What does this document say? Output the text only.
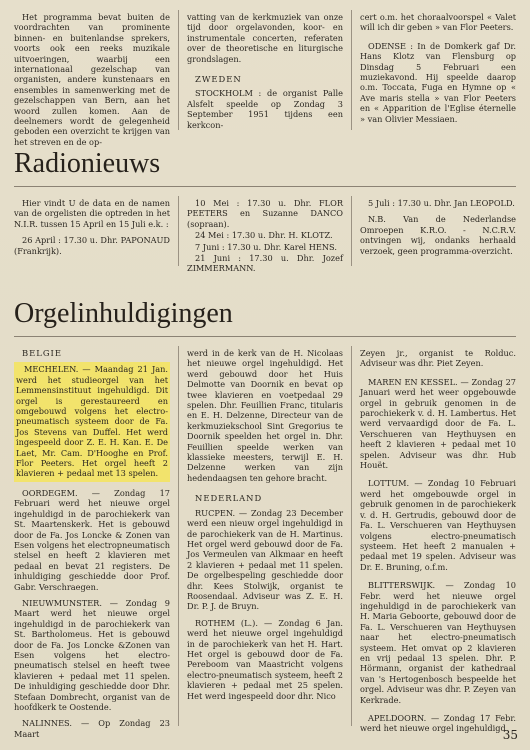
Het programma bevat buiten de voordrachten van prominente binnen- en buitenlandse sprekers, voorts ook een reeks muzikale uitvoeringen, waarbij een internationaal gezelschap van organisten, andere kunstenaars en ensembles in samenwerking met de gezelschappen van Bern, aan het woord zullen komen. Aan de deelnemers wordt de gelegenheid geboden een overzicht te krijgen van het streven en de op-

vatting van de kerkmuziek van onze tijd door orgelavonden, koor- en instrumentale concerten, referaten over de theoretische en liturgische grondslagen.

ZWEDEN

STOCKHOLM : de organist Palle Alsfelt speelde op Zondag 3 September 1951 tijdens een kerkcon-

cert o.m. het choraalvoorspel « Valet will ich dir geben » van Flor Peeters.

ODENSE : In de Domkerk gaf Dr. Hans Klotz van Flensburg op Dinsdag 5 Februari een muziekavond. Hij speelde daarop o.m. Toccata, Fuga en Hymne op « Ave maris stella » van Flor Peeters en « Apparition de l'Eglise éternelle » van Olivier Messiaen.

Radionieuws

Hier vindt U de data en de namen van de orgelisten die optreden in het N.I.R. tussen 15 April en 15 Juli e.k. :

26 April : 17.30 u. Dhr. PAPONAUD (Frankrijk).

10 Mei : 17.30 u. Dhr. FLOR PEETERS en Suzanne DANCO (sopraan).

24 Mei : 17.30 u. Dhr. H. KLOTZ.

7 Juni : 17.30 u. Dhr. Karel HENS.

21 Juni : 17.30 u. Dhr. Jozef ZIMMERMANN.

5 Juli : 17.30 u. Dhr. Jan LEOPOLD.

N.B. Van de Nederlandse Omroepen K.R.O. - N.C.R.V. ontvingen wij, ondanks herhaald verzoek, geen programma-overzicht.

Orgelinhuldigingen

BELGIE

MECHELEN. — Maandag 21 Jan. werd het studieorgel van het Lemmensinstituut ingehuldigd. Dit orgel is gerestaureerd en omgebouwd volgens het electro-pneumatisch systeem door de Fa. Jos Stevens van Duffel. Het werd ingespeeld door Z. E. H. Kan. E. De Laet, Mr. Cam. D'Hooghe en Prof. Flor Peeters. Het orgel heeft 2 klavieren + pedaal met 13 spelen.

OORDEGEM. — Zondag 17 Februari werd het nieuwe orgel ingehuldigd in de parochiekerk van St. Maartenskerk. Het is gebouwd door de Fa. Jos Loncke & Zonen van Esen volgens het electropneumatisch stelsel en heeft 2 klavieren met pedaal en bevat 21 registers. De inhuldiging geschiedde door Prof. Gabr. Verschraegen.

NIEUWMUNSTER. — Zondag 9 Maart werd het nieuwe orgel ingehuldigd in de parochiekerk van St. Bartholomeus. Het is gebouwd door de Fa. Jos Loncke &Zonen van Esen volgens het electro-pneumatisch stelsel en heeft twee klavieren + pedaal met 11 spelen. De inhuldiging geschiedde door Dhr. Stefaan Dombrecht, organist van de hoofdkerk te Oostende.

NALINNES. — Op Zondag 23 Maart

werd in de kerk van de H. Nicolaas het nieuwe orgel ingehuldigd. Het werd gebouwd door het Huis Delmotte van Doornik en bevat op twee klavieren en voetpedaal 29 spelen. Dhr. Feuillien Franc, titularis en E. H. Delzenne, Directeur van de kerkmuziekschool Sint Gregorius te Doornik speelden het orgel in. Dhr. Feuillien speelde werken van klassieke meesters, terwijl E. H. Delzenne werken van zijn hedendaagsen ten gehore bracht.

NEDERLAND

RUCPEN. — Zondag 23 December werd een nieuw orgel ingehuldigd in de parochiekerk van de H. Martinus. Het orgel werd gebouwd door de Fa. Jos Vermeulen van Alkmaar en heeft 2 klavieren + pedaal met 11 spelen. De orgelbespeling geschiedde door dhr. Kees Stolwijk, organist te Roosendaal. Adviseur was Z. E. H. Dr. P. J. de Bruyn.

ROTHEM (L.). — Zondag 6 Jan. werd het nieuwe orgel ingehuldigd in de parochiekerk van het H. Hart. Het orgel is gebouwd door de Fa. Pereboom van Maastricht volgens electro-pneumatisch systeem, heeft 2 klavieren + pedaal met 25 spelen. Het werd ingespeeld door dhr. Nico

Zeyen jr., organist te Rolduc. Adviseur was dhr. Piet Zeyen.

MAREN EN KESSEL. — Zondag 27 Januari werd het weer opgebouwde orgel in gebruik genomen in de parochiekerk v. d. H. Lambertus. Het werd vervaardigd door de Fa. L. Verschueren van Heythuysen en heeft 2 klavieren + pedaal met 10 spelen. Adviseur was dhr. Hub Houët.

LOTTUM. — Zondag 10 Februari werd het omgebouwde orgel in gebruik genomen in de parochiekerk v. d. H. Gertrudis, gebouwd door de Fa. L. Verschueren van Heythuysen volgens electro-pneumatisch systeem. Het heeft 2 manualen + pedaal met 19 spelen. Adviseur was Dr. E. Bruning, o.f.m.

BLITTERSWIJK. — Zondag 10 Febr. werd het nieuwe orgel ingehuldigd in de parochiekerk van H. Maria Geboorte, gebouwd door de Fa. L. Verschueren van Heythuysen naar het electro-pneumatisch systeem. Het omvat op 2 klavieren en vrij pedaal 13 spelen. Dhr. P. Hörmann, organist der kathedraal van 's Hertogenbosch bespeelde het orgel. Adviseur was dhr. P. Zeyen van Kerkrade.

APELDOORN. — Zondag 17 Febr. werd het nieuwe orgel ingehuldigd

35
